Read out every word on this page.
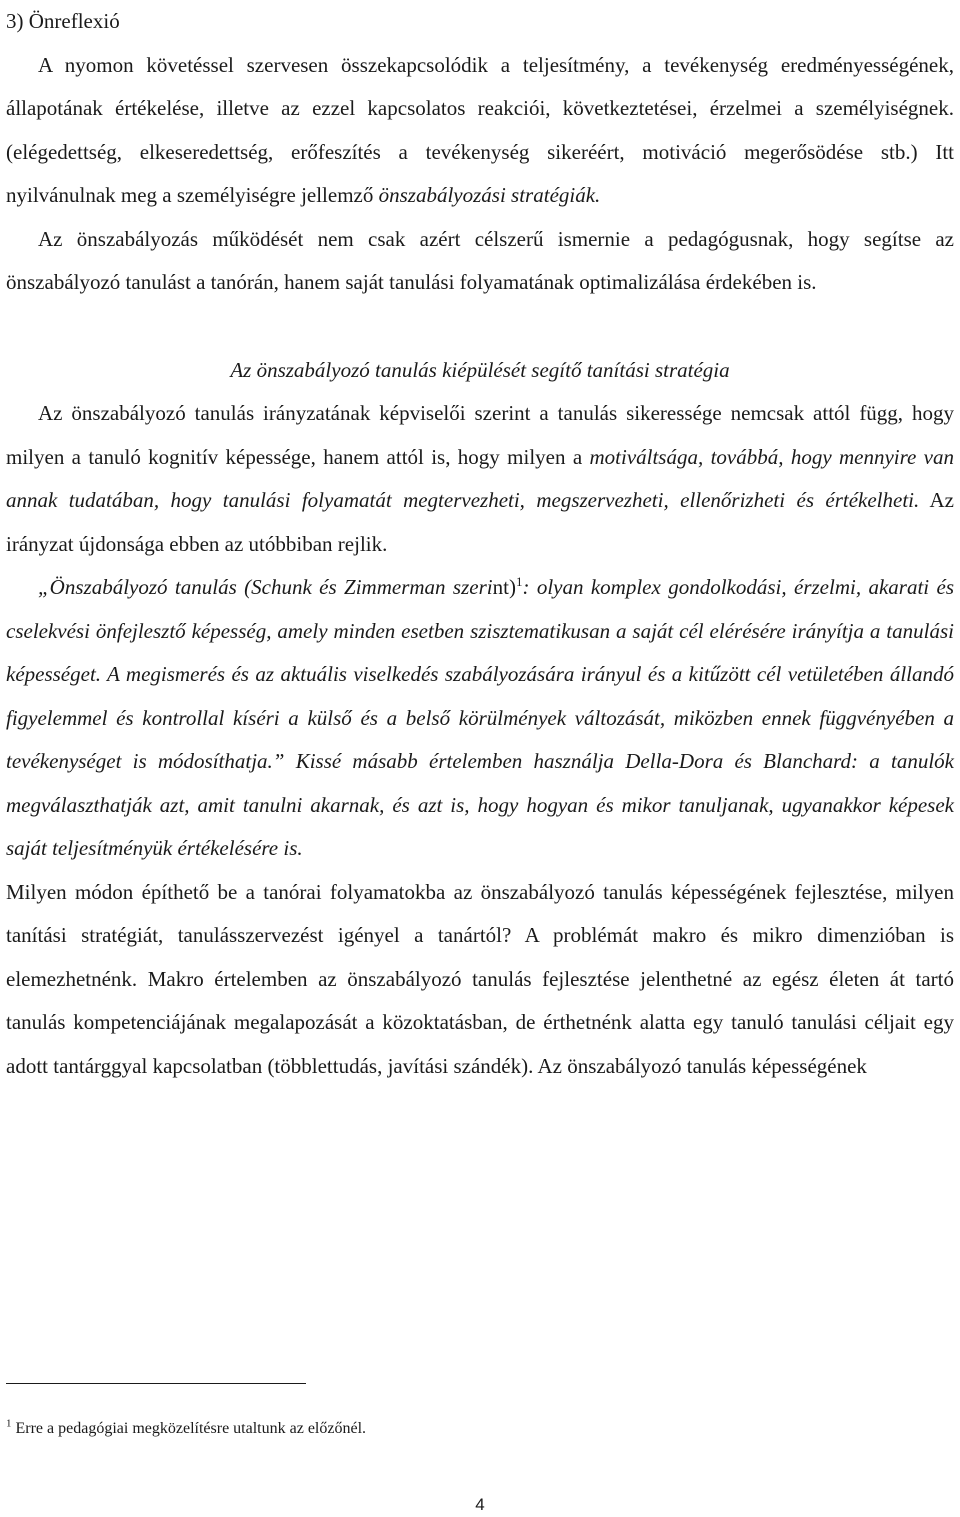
3) Önreflexió

A nyomon követéssel szervesen összekapcsolódik a teljesítmény, a tevékenység eredményességének, állapotának értékelése, illetve az ezzel kapcsolatos reakciói, következtetései, érzelmei a személyiségnek. (elégedettség, elkeseredettség, erőfeszítés a tevékenység sikeréért, motiváció megerősödése stb.) Itt nyilvánulnak meg a személyiségre jellemző önszabályozási stratégiák.

Az önszabályozás működését nem csak azért célszerű ismernie a pedagógusnak, hogy segítse az önszabályozó tanulást a tanórán, hanem saját tanulási folyamatának optimalizálása érdekében is.

Az önszabályozó tanulás kiépülését segítő tanítási stratégia

Az önszabályozó tanulás irányzatának képviselői szerint a tanulás sikeressége nemcsak attól függ, hogy milyen a tanuló kognitív képessége, hanem attól is, hogy milyen a motiváltsága, továbbá, hogy mennyire van annak tudatában, hogy tanulási folyamatát megtervezheti, megszervezheti, ellenőrizheti és értékelheti. Az irányzat újdonsága ebben az utóbbiban rejlik.

„Önszabályozó tanulás (Schunk és Zimmerman szerint)$^1$: olyan komplex gondolkodási, érzelmi, akarati és cselekvési önfejlesztő képesség, amely minden esetben szisztematikusan a saját cél elérésére irányítja a tanulási képességet. A megismerés és az aktuális viselkedés szabályozására irányul és a kitűzött cél vetületében állandó figyelemmel és kontrollal kíséri a külső és a belső körülmények változását, miközben ennek függvényében a tevékenységet is módosíthatja.” Kissé másabb értelemben használja Della-Dora és Blanchard: a tanulók megválaszthatják azt, amit tanulni akarnak, és azt is, hogy hogyan és mikor tanuljanak, ugyanakkor képesek saját teljesítményük értékelésére is.

Milyen módon építhető be a tanórai folyamatokba az önszabályozó tanulás képességének fejlesztése, milyen tanítási stratégiát, tanulásszervezést igényel a tanártól? A problémát makro és mikro dimenzióban is elemezhetnénk. Makro értelemben az önszabályozó tanulás fejlesztése jelenthetné az egész életen át tartó tanulás kompetenciájának megalapozását a közoktatásban, de érthetnénk alatta egy tanuló tanulási céljait egy adott tantárggyal kapcsolatban (többlettudás, javítási szándék). Az önszabályozó tanulás képességének

$^1$ Erre a pedagógiai megközelítésre utaltunk az előzőnél.
4
